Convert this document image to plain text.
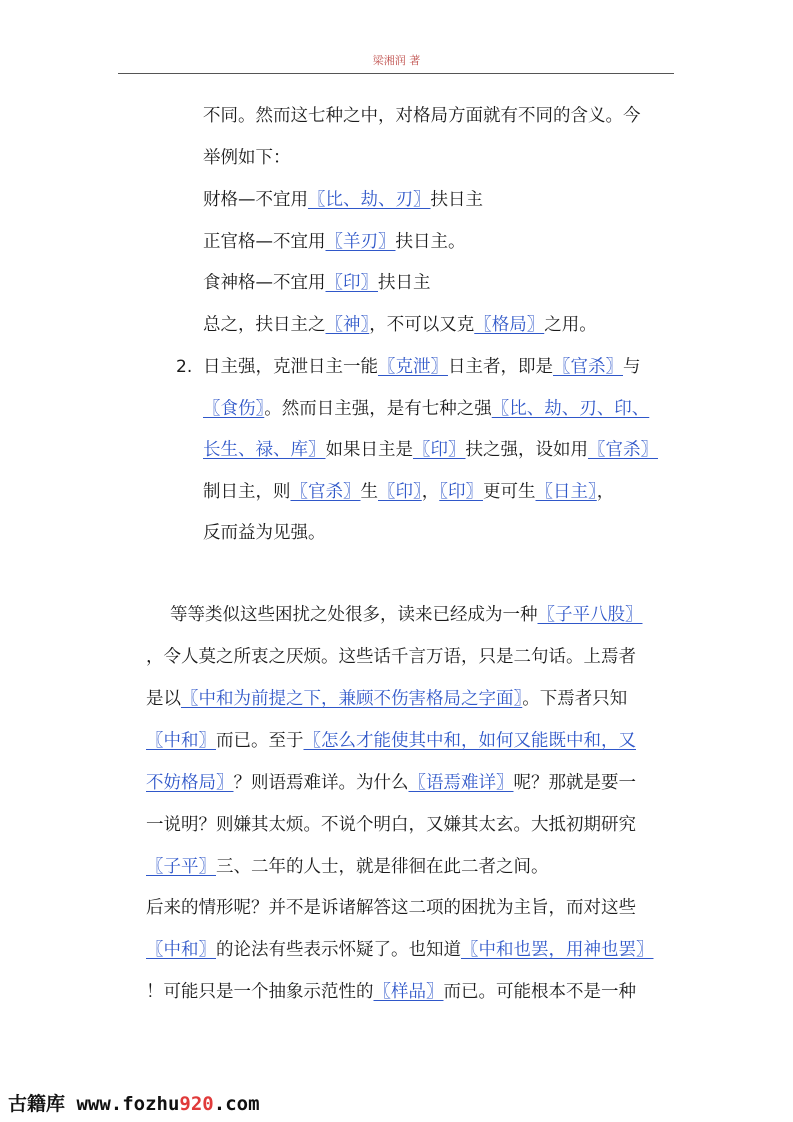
梁湘润 著
不同。然而这七种之中，对格局方面就有不同的含义。今
举例如下：
财格—不宜用〖比、劫、刃〗扶日主
正官格—不宜用〖羊刃〗扶日主。
食神格—不宜用〖印〗扶日主
总之，扶日主之〖神〗，不可以又克〖格局〗之用。
2. 日主强，克泄日主一能〖克泄〗日主者，即是〖官杀〗与
〖食伤〗。然而日主强，是有七种之强〖比、劫、刃、印、
长生、禄、库〗如果日主是〖印〗扶之强，设如用〖官杀〗
制日主，则〖官杀〗生〖印〗，〖印〗更可生〖日主〗，
反而益为见强。
等等类似这些困扰之处很多，读来已经成为一种〖子平八股〗
，令人莫之所衷之厌烦。这些话千言万语，只是二句话。上焉者
是以〖中和为前提之下，兼顾不伤害格局之字面〗。下焉者只知
〖中和〗而已。至于〖怎么才能使其中和，如何又能既中和，又
不妨格局〗？则语焉难详。为什么〖语焉难详〗呢？那就是要一
一说明？则嫌其太烦。不说个明白，又嫌其太玄。大抵初期研究
〖子平〗三、二年的人士，就是徘徊在此二者之间。
后来的情形呢？并不是诉诸解答这二项的困扰为主旨，而对这些
〖中和〗的论法有些表示怀疑了。也知道〖中和也罢，用神也罢〗
！可能只是一个抽象示范性的〖样品〗而已。可能根本不是一种
古籍库 www.fozhu920.com
